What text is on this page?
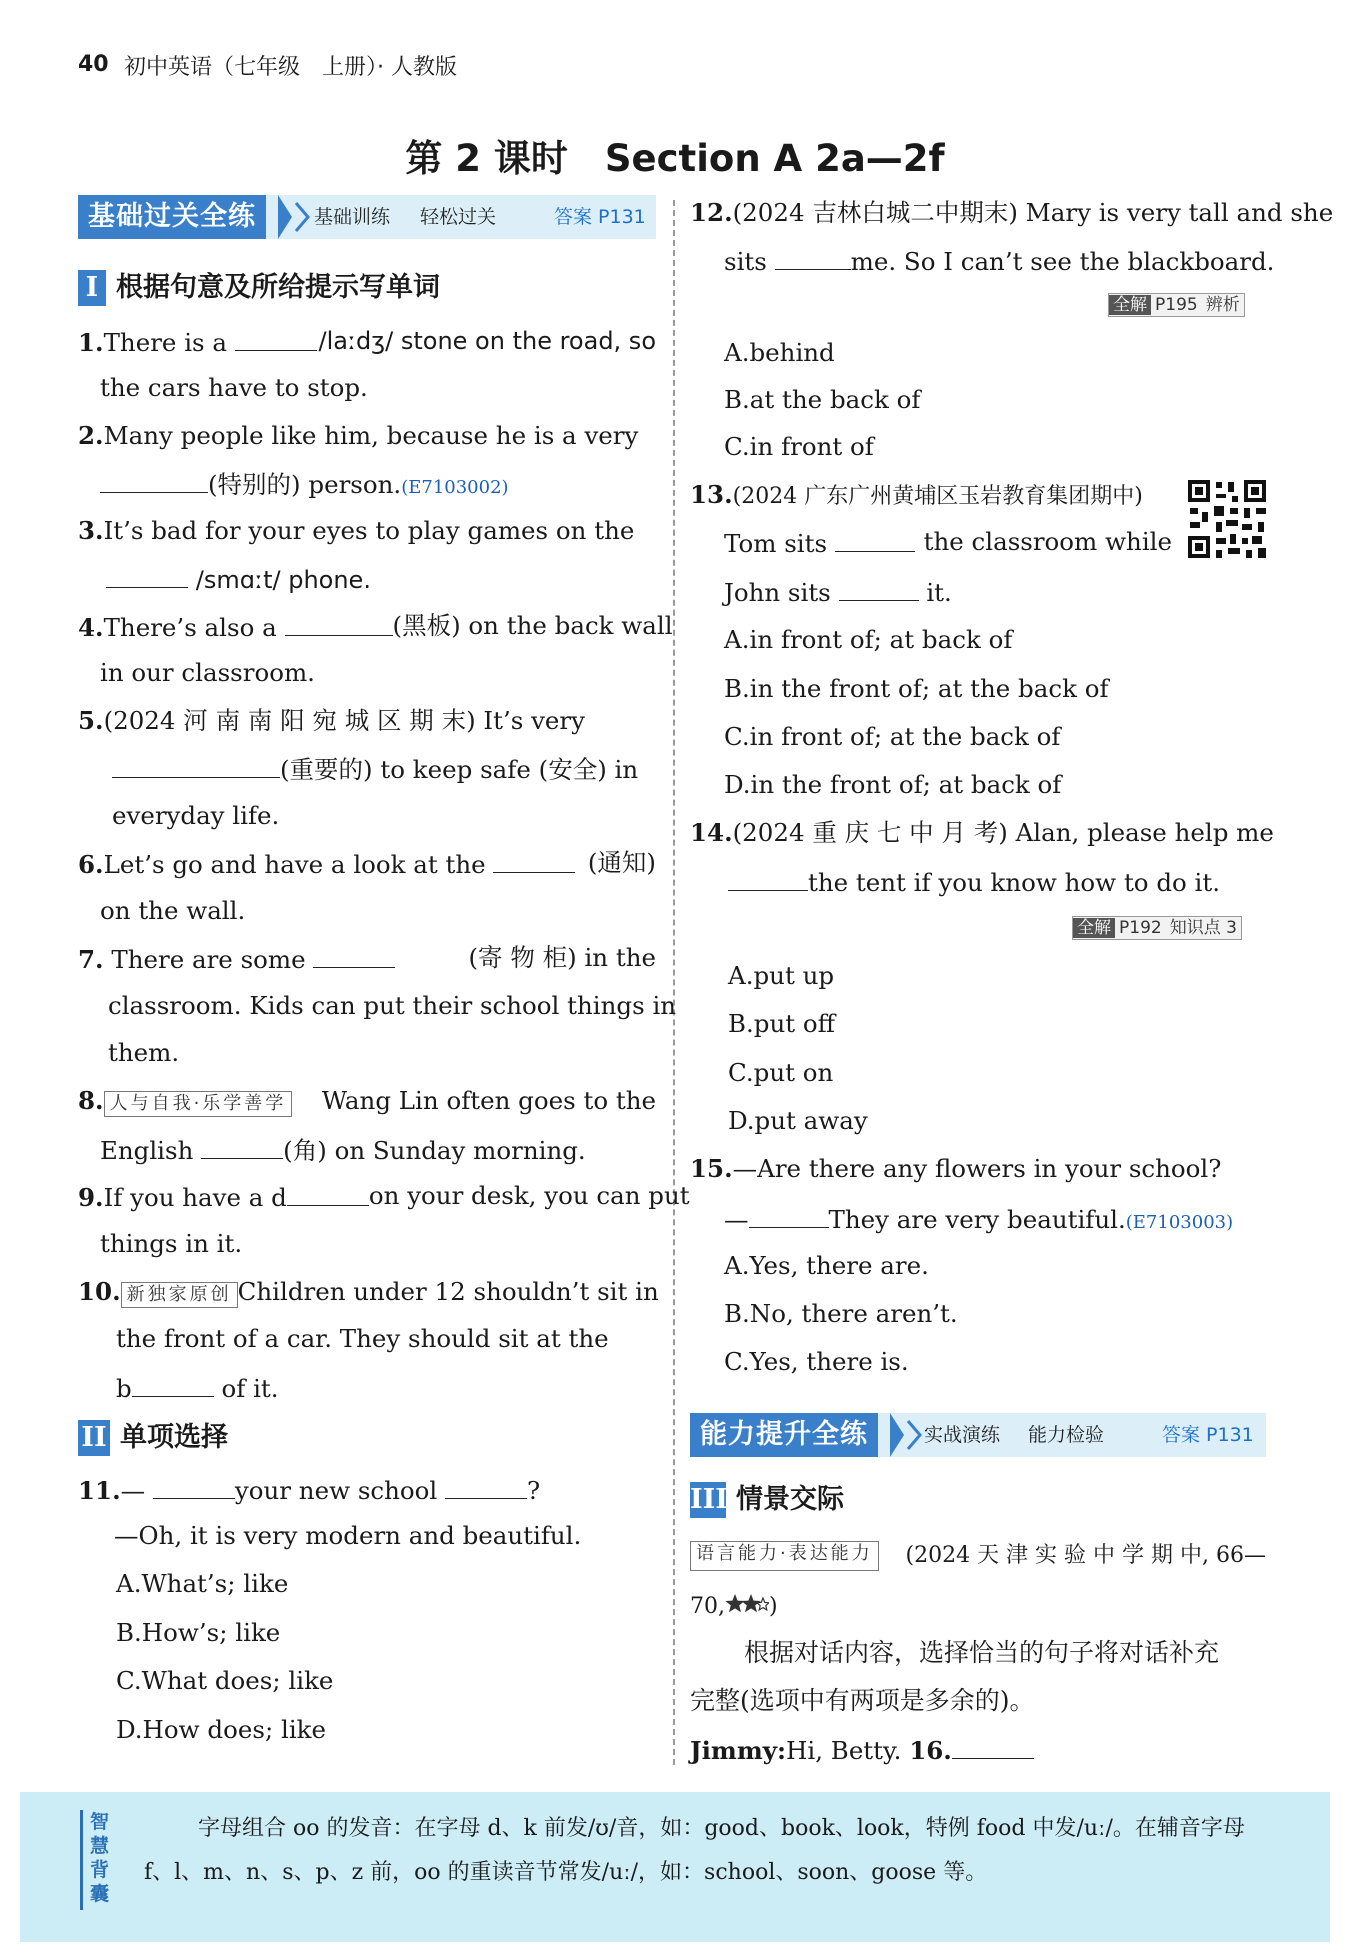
40 初中英语（七年级　上册）· 人教版
第 2 课时　Section A 2a—2f
基础过关全练	基础训练 轻松过关	答案 P131
I 根据句意及所给提示写单词
1.There is a	/laːdʒ/ stone on the road, so
the cars have to stop.
2.Many people like him, because he is a very
(特别的) person.(E7103002)
3.It’s bad for your eyes to play games on the
/smɑːt/ phone.
4.There’s also a	(黑板) on the back wall
in our classroom.
5.(2024 河 南 南 阳 宛 城 区 期 末) It’s very
(重要的) to keep safe (安全) in
everyday life.
6.Let’s go and have a look at the	(通知)
on the wall.
7. There are some	(寄 物 柜) in the
classroom. Kids can put their school things in
them.
8. 人与自我·乐学善学 Wang Lin often goes to the
English	(角) on Sunday morning.
9.If you have a d	on your desk, you can put
things in it.
10. 新独家原创 Children under 12 shouldn’t sit in
the front of a car. They should sit at the
b	of it.
II 单项选择
11.—	your new school	?
—Oh, it is very modern and beautiful.
A.What’s; like
B.How’s; like
C.What does; like
D.How does; like
12. (2024 吉林白城二中期末) Mary is very tall and she
sits	me. So I can’t see the blackboard.
全解 P195 辨析
A.behind
B.at the back of
C.in front of
13.(2024 广东广州黄埔区玉岩教育集团期中)
Tom sits	the classroom while
John sits	it.
A.in front of; at back of
B.in the front of; at the back of
C.in front of; at the back of
D.in the front of; at back of
14. (2024 重 庆 七 中 月 考) Alan, please help me
the tent if you know how to do it.
全解 P192 知识点 3
A.put up
B.put off
C.put on
D.put away
15.—Are there any flowers in your school?
—	They are very beautiful.(E7103003)
A.Yes, there are.
B.No, there aren’t.
C.Yes, there is.
能力提升全练	实战演练 能力检验	答案 P131
III 情景交际
语言能力·表达能力 (2024 天 津 实 验 中 学 期 中, 66—
70, )
根据对话内容，选择恰当的句子将对话补充
完整(选项中有两项是多余的)。
Jimmy:Hi, Betty. 16.
智慧背囊
字母组合 oo 的发音：在字母 d、k 前发/ʊ/音，如：good、book、look，特例 food 中发/uː/。在辅音字母
f、l、m、n、s、p、z 前，oo 的重读音节常发/uː/，如：school、soon、goose 等。
